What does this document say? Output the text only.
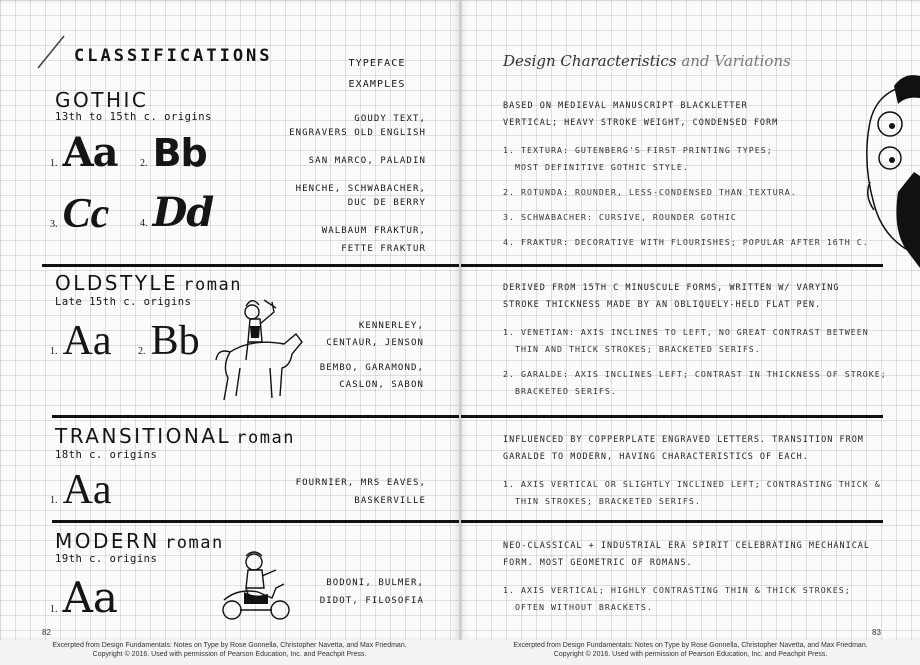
CLASSIFICATIONS	TYPEFACE
EXAMPLES
GOTHIC
13th to 15th c. origins
1. Aa 2. Bb
3. Cc	4. Dd
GOUDY TEXT,
ENGRAVERS OLD ENGLISH
SAN MARCO, PALADIN
HENCHE, SCHWABACHER,
DUC DE BERRY
WALBAUM FRAKTUR,
FETTE FRAKTUR
OLDSTYLE roman
Late 15th c. origins
1. Aa	2. Bb	KENNERLEY,
CENTAUR, JENSON
BEMBO, GARAMOND,
CASLON, SABON
TRANSITIONAL roman
18th c. origins
1. Aa	FOURNIER, MRS EAVES,
BASKERVILLE
MODERN roman
19th c. origins
1. Aa	BODONI, BULMER,
DIDOT, FILOSOFIA
82
Design Characteristics and Variations
BASED ON MEDIEVAL MANUSCRIPT BLACKLETTER
VERTICAL; HEAVY STROKE WEIGHT, CONDENSED FORM
1. TEXTURA: GUTENBERG'S FIRST PRINTING TYPES;
MOST DEFINITIVE GOTHIC STYLE.
2. ROTUNDA: ROUNDER, LESS-CONDENSED THAN TEXTURA.
3. SCHWABACHER: CURSIVE, ROUNDER GOTHIC
4. FRAKTUR: DECORATIVE WITH FLOURISHES; POPULAR AFTER 16TH C.
DERIVED FROM 15TH C MINUSCULE FORMS, WRITTEN W/ VARYING
STROKE THICKNESS MADE BY AN OBLIQUELY-HELD FLAT PEN.
1. VENETIAN: AXIS INCLINES TO LEFT, NO GREAT CONTRAST BETWEEN
THIN AND THICK STROKES; BRACKETED SERIFS.
2. GARALDE: AXIS INCLINES LEFT; CONTRAST IN THICKNESS OF STROKE;
BRACKETED SERIFS.
INFLUENCED BY COPPERPLATE ENGRAVED LETTERS. TRANSITION FROM
GARALDE TO MODERN, HAVING CHARACTERISTICS OF EACH.
1. AXIS VERTICAL OR SLIGHTLY INCLINED LEFT; CONTRASTING THICK &
THIN STROKES; BRACKETED SERIFS.
NEO-CLASSICAL + INDUSTRIAL ERA SPIRIT CELEBRATING MECHANICAL
FORM. MOST GEOMETRIC OF ROMANS.
1. AXIS VERTICAL; HIGHLY CONTRASTING THIN & THICK STROKES;
OFTEN WITHOUT BRACKETS.
83
Excerpted from Design Fundamentals: Notes on Type by Rose Gonnella, Christopher Navetta, and Max Friedman.
Copyright © 2016. Used with permission of Pearson Education, Inc. and Peachpit Press.
Excerpted from Design Fundamentals: Notes on Type by Rose Gonnella, Christopher Navetta, and Max Friedman.
Copyright © 2016. Used with permission of Pearson Education, Inc. and Peachpit Press.
